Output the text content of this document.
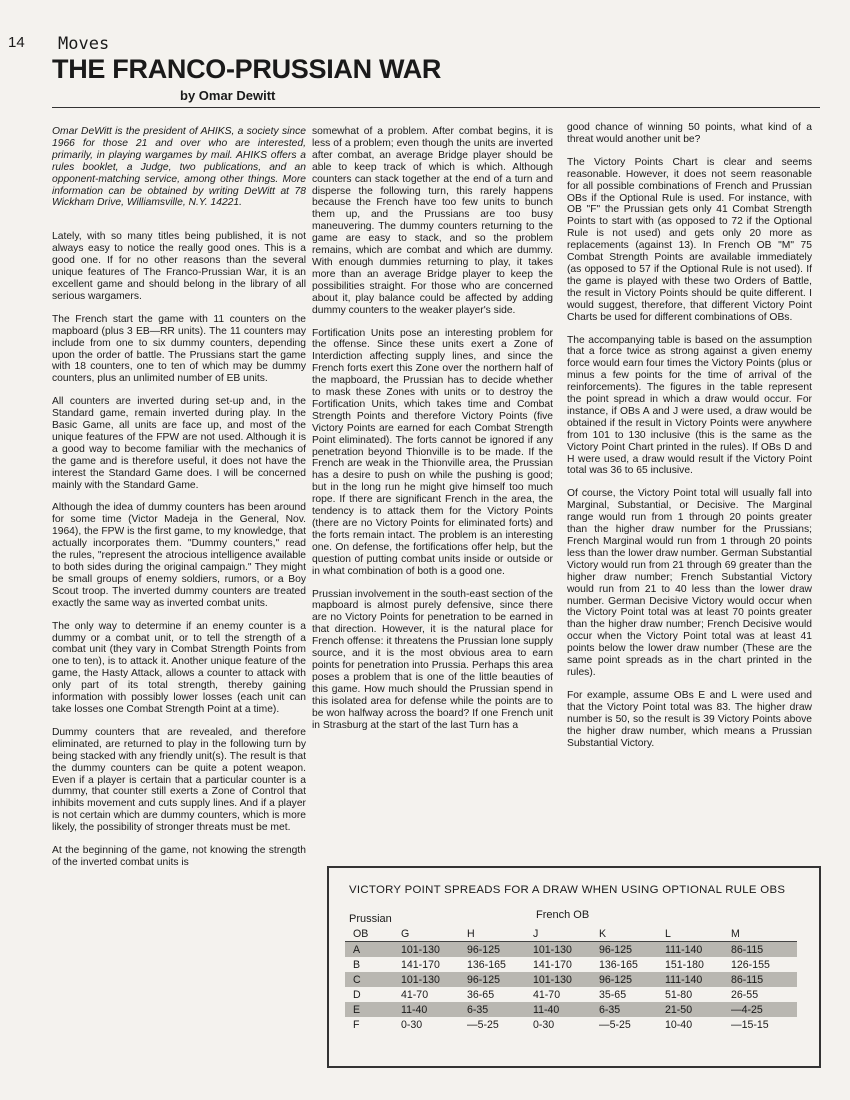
14 Moves
THE FRANCO-PRUSSIAN WAR
by Omar Dewitt

Omar DeWitt is the president of AHIKS, a society since 1966 for those 21 and over who are interested, primarily, in playing wargames by mail. AHIKS offers a rules booklet, a Judge, two publications, and an opponent-matching service, among other things. More information can be obtained by writing DeWitt at 78 Wickham Drive, Williamsville, N.Y. 14221.

Lately, with so many titles being published, it is not always easy to notice the really good ones. This is a good one. If for no other reasons than the several unique features of The Franco-Prussian War, it is an excellent game and should belong in the library of all serious wargamers.

The French start the game with 11 counters on the mapboard (plus 3 EB—RR units). The 11 counters may include from one to six dummy counters, depending upon the order of battle. The Prussians start the game with 18 counters, one to ten of which may be dummy counters, plus an unlimited number of EB units.

All counters are inverted during set-up and, in the Standard game, remain inverted during play. In the Basic Game, all units are face up, and most of the unique features of the FPW are not used. Although it is a good way to become familiar with the mechanics of the game and is therefore useful, it does not have the interest the Standard Game does. I will be concerned mainly with the Standard Game.

Although the idea of dummy counters has been around for some time (Victor Madeja in the General, Nov. 1964), the FPW is the first game, to my knowledge, that actually incorporates them. "Dummy counters," read the rules, "represent the atrocious intelligence available to both sides during the original campaign." They might be small groups of enemy soldiers, rumors, or a Boy Scout troop. The inverted dummy counters are treated exactly the same way as inverted combat units.

The only way to determine if an enemy counter is a dummy or a combat unit, or to tell the strength of a combat unit (they vary in Combat Strength Points from one to ten), is to attack it. Another unique feature of the game, the Hasty Attack, allows a counter to attack with only part of its total strength, thereby gaining information with possibly lower losses (each unit can take losses one Combat Strength Point at a time).

Dummy counters that are revealed, and therefore eliminated, are returned to play in the following turn by being stacked with any friendly unit(s). The result is that the dummy counters can be quite a potent weapon. Even if a player is certain that a particular counter is a dummy, that counter still exerts a Zone of Control that inhibits movement and cuts supply lines. And if a player is not certain which are dummy counters, which is more likely, the possibility of stronger threats must be met.

At the beginning of the game, not knowing the strength of the inverted combat units is

somewhat of a problem. After combat begins, it is less of a problem; even though the units are inverted after combat, an average Bridge player should be able to keep track of which is which. Although counters can stack together at the end of a turn and disperse the following turn, this rarely happens because the French have too few units to bunch them up, and the Prussians are too busy maneuvering. The dummy counters returning to the game are easy to stack, and so the problem remains, which are combat and which are dummy. With enough dummies returning to play, it takes more than an average Bridge player to keep the possibilities straight. For those who are concerned about it, play balance could be affected by adding dummy counters to the weaker player's side.

Fortification Units pose an interesting problem for the offense. Since these units exert a Zone of Interdiction affecting supply lines, and since the French forts exert this Zone over the northern half of the mapboard, the Prussian has to decide whether to mask these Zones with units or to destroy the Fortification Units, which takes time and Combat Strength Points and therefore Victory Points (five Victory Points are earned for each Combat Strength Point eliminated). The forts cannot be ignored if any penetration beyond Thionville is to be made. If the French are weak in the Thionville area, the Prussian has a desire to push on while the pushing is good; but in the long run he might give himself too much rope. If there are significant French in the area, the tendency is to attack them for the Victory Points (there are no Victory Points for eliminated forts) and the forts remain intact. The problem is an interesting one. On defense, the fortifications offer help, but the question of putting combat units inside or outside or in what combination of both is a good one.

Prussian involvement in the south-east section of the mapboard is almost purely defensive, since there are no Victory Points for penetration to be earned in that direction. However, it is the natural place for French offense: it threatens the Prussian lone supply source, and it is the most obvious area to earn points for penetration into Prussia. Perhaps this area poses a problem that is one of the little beauties of this game. How much should the Prussian spend in this isolated area for defense while the points are to be won halfway across the board? If one French unit in Strasburg at the start of the last Turn has a

good chance of winning 50 points, what kind of a threat would another unit be?

The Victory Points Chart is clear and seems reasonable. However, it does not seem reasonable for all possible combinations of French and Prussian OBs if the Optional Rule is used. For instance, with OB "F" the Prussian gets only 41 Combat Strength Points to start with (as opposed to 72 if the Optional Rule is not used) and gets only 20 more as replacements (against 13). In French OB "M" 75 Combat Strength Points are available immediately (as opposed to 57 if the Optional Rule is not used). If the game is played with these two Orders of Battle, the result in Victory Points should be quite different. I would suggest, therefore, that different Victory Point Charts be used for different combinations of OBs.

The accompanying table is based on the assumption that a force twice as strong against a given enemy force would earn four times the Victory Points (plus or minus a few points for the time of arrival of the reinforcements). The figures in the table represent the point spread in which a draw would occur. For instance, if OBs A and J were used, a draw would be obtained if the result in Victory Points were anywhere from 101 to 130 inclusive (this is the same as the Victory Point Chart printed in the rules). If OBs D and H were used, a draw would result if the Victory Point total was 36 to 65 inclusive.

Of course, the Victory Point total will usually fall into Marginal, Substantial, or Decisive. The Marginal range would run from 1 through 20 points greater than the higher draw number for the Prussians; French Marginal would run from 1 through 20 points less than the lower draw number. German Substantial Victory would run from 21 through 69 greater than the higher draw number; French Substantial Victory would run from 21 to 40 less than the lower draw number. German Decisive Victory would occur when the Victory Point total was at least 70 points greater than the higher draw number; French Decisive would occur when the Victory Point total was at least 41 points below the lower draw number (These are the same point spreads as in the chart printed in the rules).

For example, assume OBs E and L were used and that the Victory Point total was 83. The higher draw number is 50, so the result is 39 Victory Points above the higher draw number, which means a Prussian Substantial Victory.

VICTORY POINT SPREADS FOR A DRAW WHEN USING OPTIONAL RULE OBS
French OB
Prussian
OB	G	H	J	K	L	M
A	101-130	96-125	101-130	96-125	111-140	86-115
B	141-170	136-165	141-170	136-165	151-180	126-155
C	101-130	96-125	101-130	96-125	111-140	86-115
D	41-70	36-65	41-70	35-65	51-80	26-55
E	11-40	6-35	11-40	6-35	21-50	—4-25
F	0-30	—5-25	0-30	—5-25	10-40	—15-15
